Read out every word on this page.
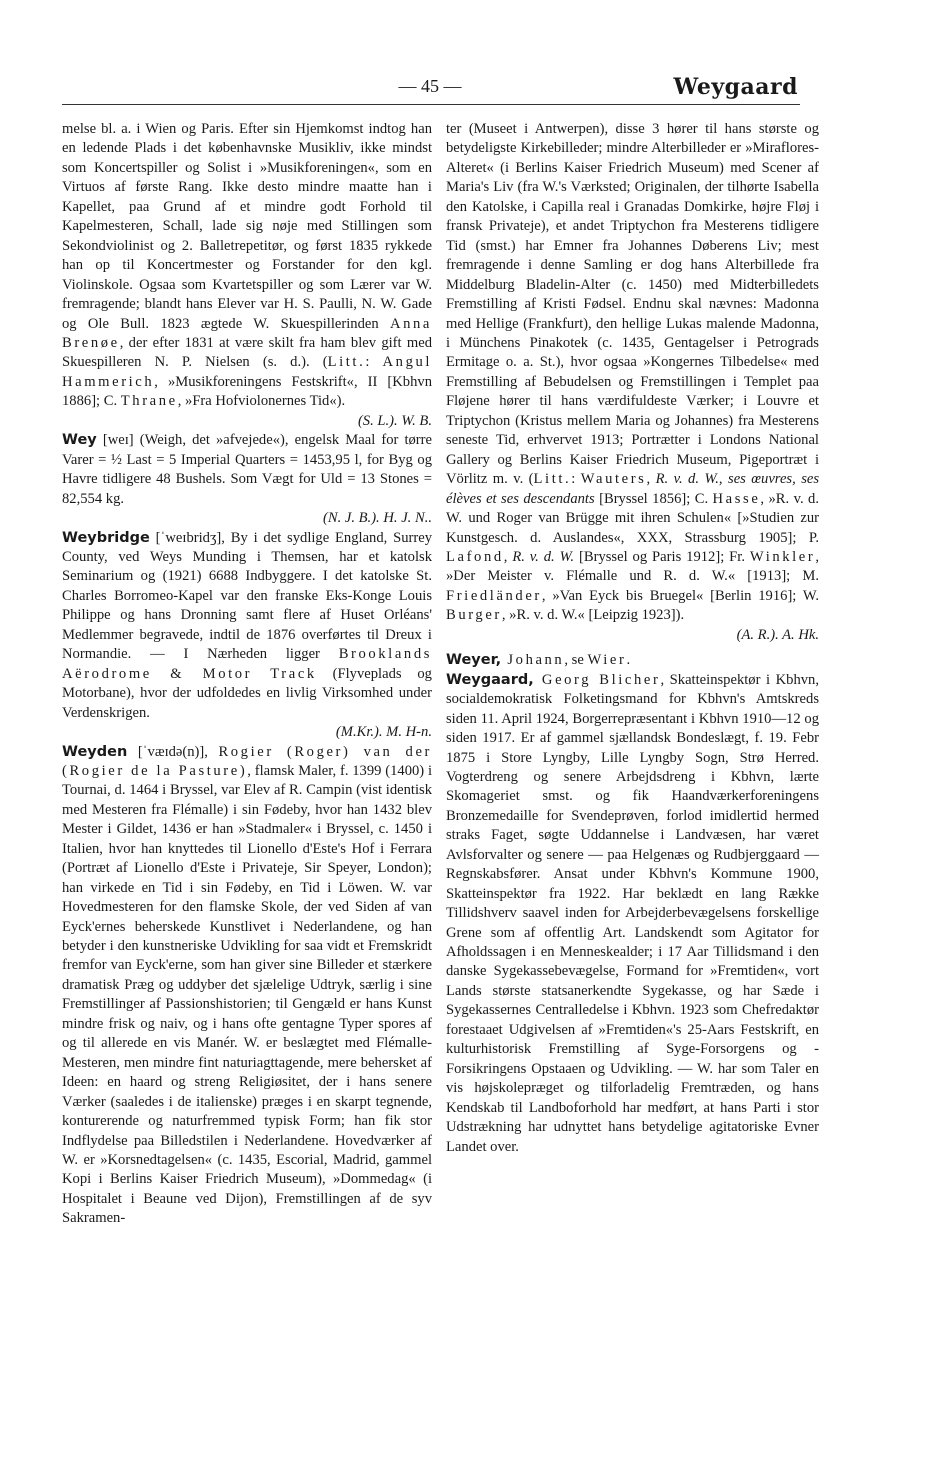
— 45 —	Weygaard

melse bl. a. i Wien og Paris. Efter sin Hjemkomst indtog han en ledende Plads i det københavnske Musikliv, ikke mindst som Koncertspiller og Solist i »Musikforeningen«, som en Virtuos af første Rang. Ikke desto mindre maatte han i Kapellet, paa Grund af et mindre godt Forhold til Kapelmesteren, Schall, lade sig nøje med Stillingen som Sekondviolinist og 2. Balletrepetitør, og først 1835 rykkede han op til Koncertmester og Forstander for den kgl. Violinskole. Ogsaa som Kvartetspiller og som Lærer var W. fremragende; blandt hans Elever var H. S. Paulli, N. W. Gade og Ole Bull. 1823 ægtede W. Skuespillerinden Anna Brenøe, der efter 1831 at være skilt fra ham blev gift med Skuespilleren N. P. Nielsen (s. d.). (Litt.: Angul Hammerich, »Musikforeningens Festskrift«, II [Kbhvn 1886]; C. Thrane, »Fra Hofviolonernes Tid«).
(S. L.). W. B.

Wey [weɪ] (Weigh, det »afvejede«), engelsk Maal for tørre Varer = ½ Last = 5 Imperial Quarters = 1453,95 l, for Byg og Havre tidligere 48 Bushels. Som Vægt for Uld = 13 Stones = 82,554 kg.
(N. J. B.). H. J. N..

Weybridge [ˈweɪbridʒ], By i det sydlige England, Surrey County, ved Weys Munding i Themsen, har et katolsk Seminarium og (1921) 6688 Indbyggere. I det katolske St. Charles Borromeo-Kapel var den franske Eks-Konge Louis Philippe og hans Dronning samt flere af Huset Orléans' Medlemmer begravede, indtil de 1876 overførtes til Dreux i Normandie. — I Nærheden ligger Brooklands Aërodrome & Motor Track (Flyveplads og Motorbane), hvor der udfoldedes en livlig Virksomhed under Verdenskrigen.
(M.Kr.). M. H-n.

Weyden [ˈvæɪdə(n)], Rogier (Roger) van der (Rogier de la Pasture), flamsk Maler, f. 1399 (1400) i Tournai, d. 1464 i Bryssel, var Elev af R. Campin (vist identisk med Mesteren fra Flémalle) i sin Fødeby, hvor han 1432 blev Mester i Gildet, 1436 er han »Stadmaler« i Bryssel, c. 1450 i Italien, hvor han knyttedes til Lionello d'Este's Hof i Ferrara (Portræt af Lionello d'Este i Privateje, Sir Speyer, London); han virkede en Tid i sin Fødeby, en Tid i Löwen. W. var Hovedmesteren for den flamske Skole, der ved Siden af van Eyck'ernes beherskede Kunstlivet i Nederlandene, og han betyder i den kunstneriske Udvikling for saa vidt et Fremskridt fremfor van Eyck'erne, som han giver sine Billeder et stærkere dramatisk Præg og uddyber det sjælelige Udtryk, særlig i sine Fremstillinger af Passionshistorien; til Gengæld er hans Kunst mindre frisk og naiv, og i hans ofte gentagne Typer spores af og til allerede en vis Manér. W. er beslægtet med Flémalle-Mesteren, men mindre fint naturiagttagende, mere behersket af Ideen: en haard og streng Religiøsitet, der i hans senere Værker (saaledes i de italienske) præges i en skarpt tegnende, konturerende og naturfremmed typisk Form; han fik stor Indflydelse paa Billedstilen i Nederlandene. Hovedværker af W. er »Korsnedtagelsen« (c. 1435, Escorial, Madrid, gammel Kopi i Berlins Kaiser Friedrich Museum), »Dommedag« (i Hospitalet i Beaune ved Dijon), Fremstillingen af de syv Sakramen-

ter (Museet i Antwerpen), disse 3 hører til hans største og betydeligste Kirkebilleder; mindre Alterbilleder er »Miraflores-Alteret« (i Berlins Kaiser Friedrich Museum) med Scener af Maria's Liv (fra W.'s Værksted; Originalen, der tilhørte Isabella den Katolske, i Capilla real i Granadas Domkirke, højre Fløj i fransk Privateje), et andet Triptychon fra Mesterens tidligere Tid (smst.) har Emner fra Johannes Døberens Liv; mest fremragende i denne Samling er dog hans Alterbillede fra Middelburg Bladelin-Alter (c. 1450) med Midterbilledets Fremstilling af Kristi Fødsel. Endnu skal nævnes: Madonna med Hellige (Frankfurt), den hellige Lukas malende Madonna, i Münchens Pinakotek (c. 1435, Gentagelser i Petrograds Ermitage o. a. St.), hvor ogsaa »Kongernes Tilbedelse« med Fremstilling af Bebudelsen og Fremstillingen i Templet paa Fløjene hører til hans værdifuldeste Værker; i Louvre et Triptychon (Kristus mellem Maria og Johannes) fra Mesterens seneste Tid, erhvervet 1913; Portrætter i Londons National Gallery og Berlins Kaiser Friedrich Museum, Pigeportræt i Vörlitz m. v. (Litt.: Wauters, R. v. d. W., ses œuvres, ses élèves et ses descendants [Bryssel 1856]; C. Hasse, »R. v. d. W. und Roger van Brügge mit ihren Schulen« [»Studien zur Kunstgesch. d. Auslandes«, XXX, Strassburg 1905]; P. Lafond, R. v. d. W. [Bryssel og Paris 1912]; Fr. Winkler, »Der Meister v. Flémalle und R. d. W.« [1913]; M. Friedländer, »Van Eyck bis Bruegel« [Berlin 1916]; W. Burger, »R. v. d. W.« [Leipzig 1923]).
(A. R.). A. Hk.

Weyer, Johann, se Wier.

Weygaard, Georg Blicher, Skatteinspektør i Kbhvn, socialdemokratisk Folketingsmand for Kbhvn's Amtskreds siden 11. April 1924, Borgerrepræsentant i Kbhvn 1910—12 og siden 1917. Er af gammel sjællandsk Bondeslægt, f. 19. Febr 1875 i Store Lyngby, Lille Lyngby Sogn, Strø Herred. Vogterdreng og senere Arbejdsdreng i Kbhvn, lærte Skomageriet smst. og fik Haandværkerforeningens Bronzemedaille for Svendeprøven, forlod imidlertid hermed straks Faget, søgte Uddannelse i Landvæsen, har været Avlsforvalter og senere — paa Helgenæs og Rudbjerggaard — Regnskabsfører. Ansat under Kbhvn's Kommune 1900, Skatteinspektør fra 1922. Har beklædt en lang Række Tillidshverv saavel inden for Arbejderbevægelsens forskellige Grene som af offentlig Art. Landskendt som Agitator for Afholdssagen i en Menneskealder; i 17 Aar Tillidsmand i den danske Sygekassebevægelse, Formand for »Fremtiden«, vort Lands største statsanerkendte Sygekasse, og har Sæde i Sygekassernes Centralledelse i Kbhvn. 1923 som Chefredaktør forestaaet Udgivelsen af »Fremtiden«'s 25-Aars Festskrift, en kulturhistorisk Fremstilling af Syge-Forsorgens og -Forsikringens Opstaaen og Udvikling. — W. har som Taler en vis højskolepræget og tilforladelig Fremtræden, og hans Kendskab til Landboforhold har medført, at hans Parti i stor Udstrækning har udnyttet hans betydelige agitatoriske Evner Landet over.
